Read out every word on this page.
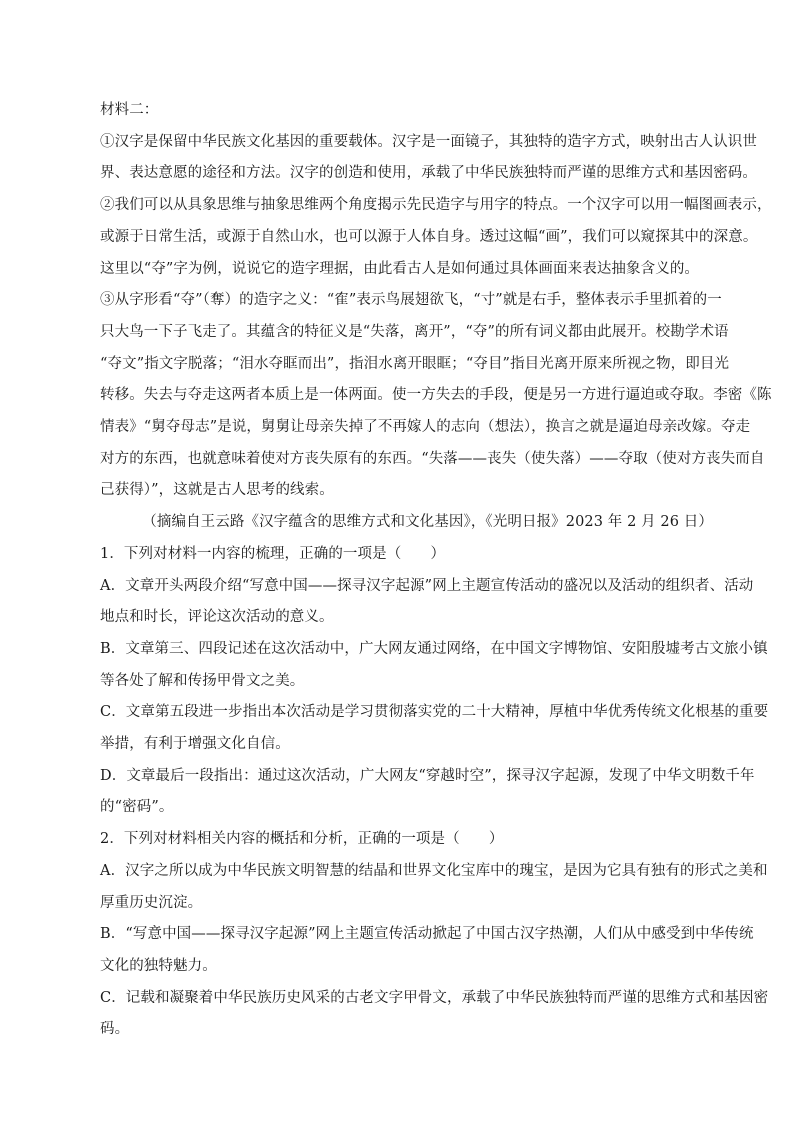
材料二：
①汉字是保留中华民族文化基因的重要载体。汉字是一面镜子，其独特的造字方式，映射出古人认识世
界、表达意愿的途径和方法。汉字的创造和使用，承载了中华民族独特而严谨的思维方式和基因密码。
②我们可以从具象思维与抽象思维两个角度揭示先民造字与用字的特点。一个汉字可以用一幅图画表示，
或源于日常生活，或源于自然山水，也可以源于人体自身。透过这幅“画”，我们可以窥探其中的深意。
这里以“夺”字为例，说说它的造字理据，由此看古人是如何通过具体画面来表达抽象含义的。
③从字形看“夺”（奪）的造字之义：“隺”表示鸟展翅欲飞，“寸”就是右手，整体表示手里抓着的一
只大鸟一下子飞走了。其蕴含的特征义是“失落，离开”，“夺”的所有词义都由此展开。校勘学术语
“夺文”指文字脱落；“泪水夺眶而出”，指泪水离开眼眶；“夺目”指目光离开原来所视之物，即目光
转移。失去与夺走这两者本质上是一体两面。使一方失去的手段，便是另一方进行逼迫或夺取。李密《陈
情表》“舅夺母志”是说，舅舅让母亲失掉了不再嫁人的志向（想法），换言之就是逼迫母亲改嫁。夺走
对方的东西，也就意味着使对方丧失原有的东西。“失落——丧失（使失落）——夺取（使对方丧失而自
己获得）”，这就是古人思考的线索。
（摘编自王云路《汉字蕴含的思维方式和文化基因》，《光明日报》2023 年 2 月 26 日）
1．下列对材料一内容的梳理，正确的一项是（　　）
A．文章开头两段介绍“写意中国——探寻汉字起源”网上主题宣传活动的盛况以及活动的组织者、活动
地点和时长，评论这次活动的意义。
B．文章第三、四段记述在这次活动中，广大网友通过网络，在中国文字博物馆、安阳殷墟考古文旅小镇
等各处了解和传扬甲骨文之美。
C．文章第五段进一步指出本次活动是学习贯彻落实党的二十大精神，厚植中华优秀传统文化根基的重要
举措，有利于增强文化自信。
D．文章最后一段指出：通过这次活动，广大网友“穿越时空”，探寻汉字起源，发现了中华文明数千年
的“密码”。
2．下列对材料相关内容的概括和分析，正确的一项是（　　）
A．汉字之所以成为中华民族文明智慧的结晶和世界文化宝库中的瑰宝，是因为它具有独有的形式之美和
厚重历史沉淀。
B．“写意中国——探寻汉字起源”网上主题宣传活动掀起了中国古汉字热潮，人们从中感受到中华传统
文化的独特魅力。
C．记载和凝聚着中华民族历史风采的古老文字甲骨文，承载了中华民族独特而严谨的思维方式和基因密
码。
